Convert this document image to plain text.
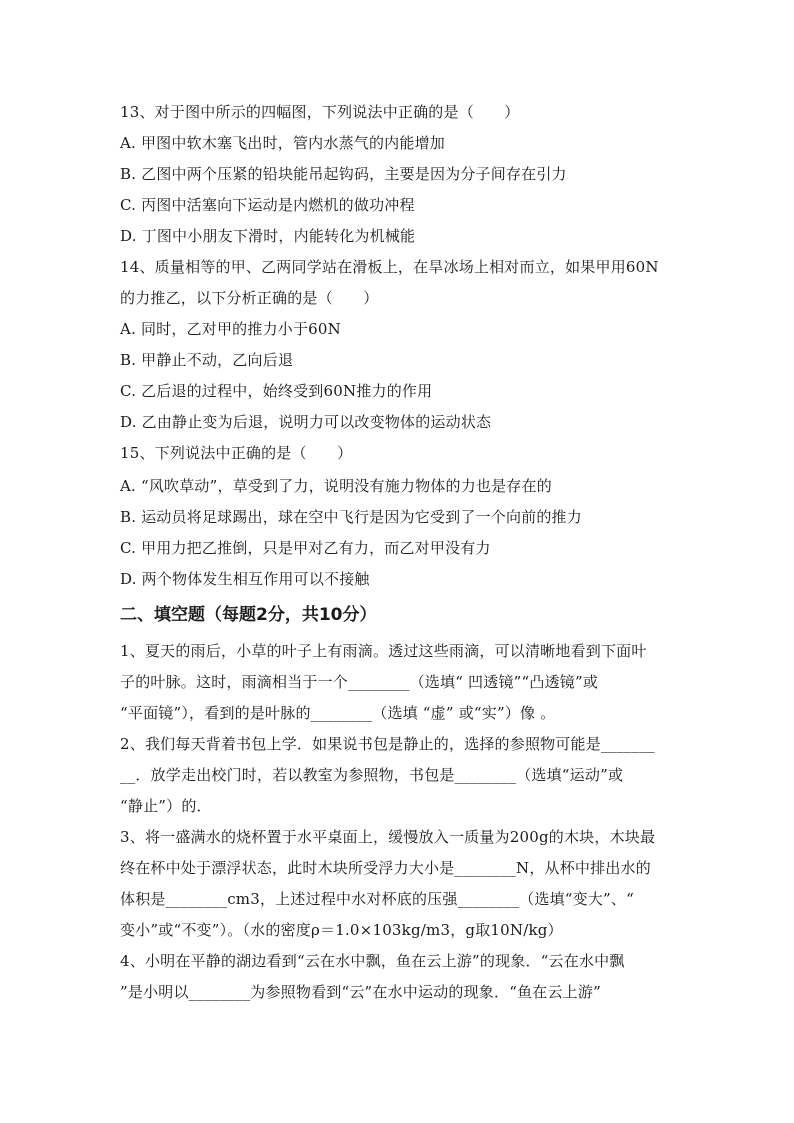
13、对于图中所示的四幅图，下列说法中正确的是（　　）
A. 甲图中软木塞飞出时，管内水蒸气的内能增加
B. 乙图中两个压紧的铅块能吊起钩码，主要是因为分子间存在引力
C. 丙图中活塞向下运动是内燃机的做功冲程
D. 丁图中小朋友下滑时，内能转化为机械能
14、质量相等的甲、乙两同学站在滑板上，在旱冰场上相对而立，如果甲用60N
的力推乙，以下分析正确的是（　　）
A. 同时，乙对甲的推力小于60N
B. 甲静止不动，乙向后退
C. 乙后退的过程中，始终受到60N推力的作用
D. 乙由静止变为后退，说明力可以改变物体的运动状态
15、下列说法中正确的是（　　）
A. “风吹草动”，草受到了力，说明没有施力物体的力也是存在的
B. 运动员将足球踢出，球在空中飞行是因为它受到了一个向前的推力
C. 甲用力把乙推倒，只是甲对乙有力，而乙对甲没有力
D. 两个物体发生相互作用可以不接触
二、填空题（每题2分，共10分）
1、夏天的雨后，小草的叶子上有雨滴。透过这些雨滴，可以清晰地看到下面叶
子的叶脉。这时，雨滴相当于一个________（选填“ 凹透镜”“凸透镜”或
“平面镜”），看到的是叶脉的________（选填 “虚” 或“实”）像 。
2、我们每天背着书包上学．如果说书包是静止的，选择的参照物可能是_______
__．放学走出校门时，若以教室为参照物，书包是________（选填“运动”或
“静止”）的．
3、将一盛满水的烧杯置于水平桌面上，缓慢放入一质量为200g的木块，木块最
终在杯中处于漂浮状态，此时木块所受浮力大小是________N，从杯中排出水的
体积是________cm3，上述过程中水对杯底的压强________（选填“变大”、“
变小”或“不变”）。（水的密度ρ＝1.0×103kg/m3，g取10N/kg）
4、小明在平静的湖边看到“云在水中飘，鱼在云上游”的现象．“云在水中飘
”是小明以________为参照物看到“云”在水中运动的现象．“鱼在云上游”
